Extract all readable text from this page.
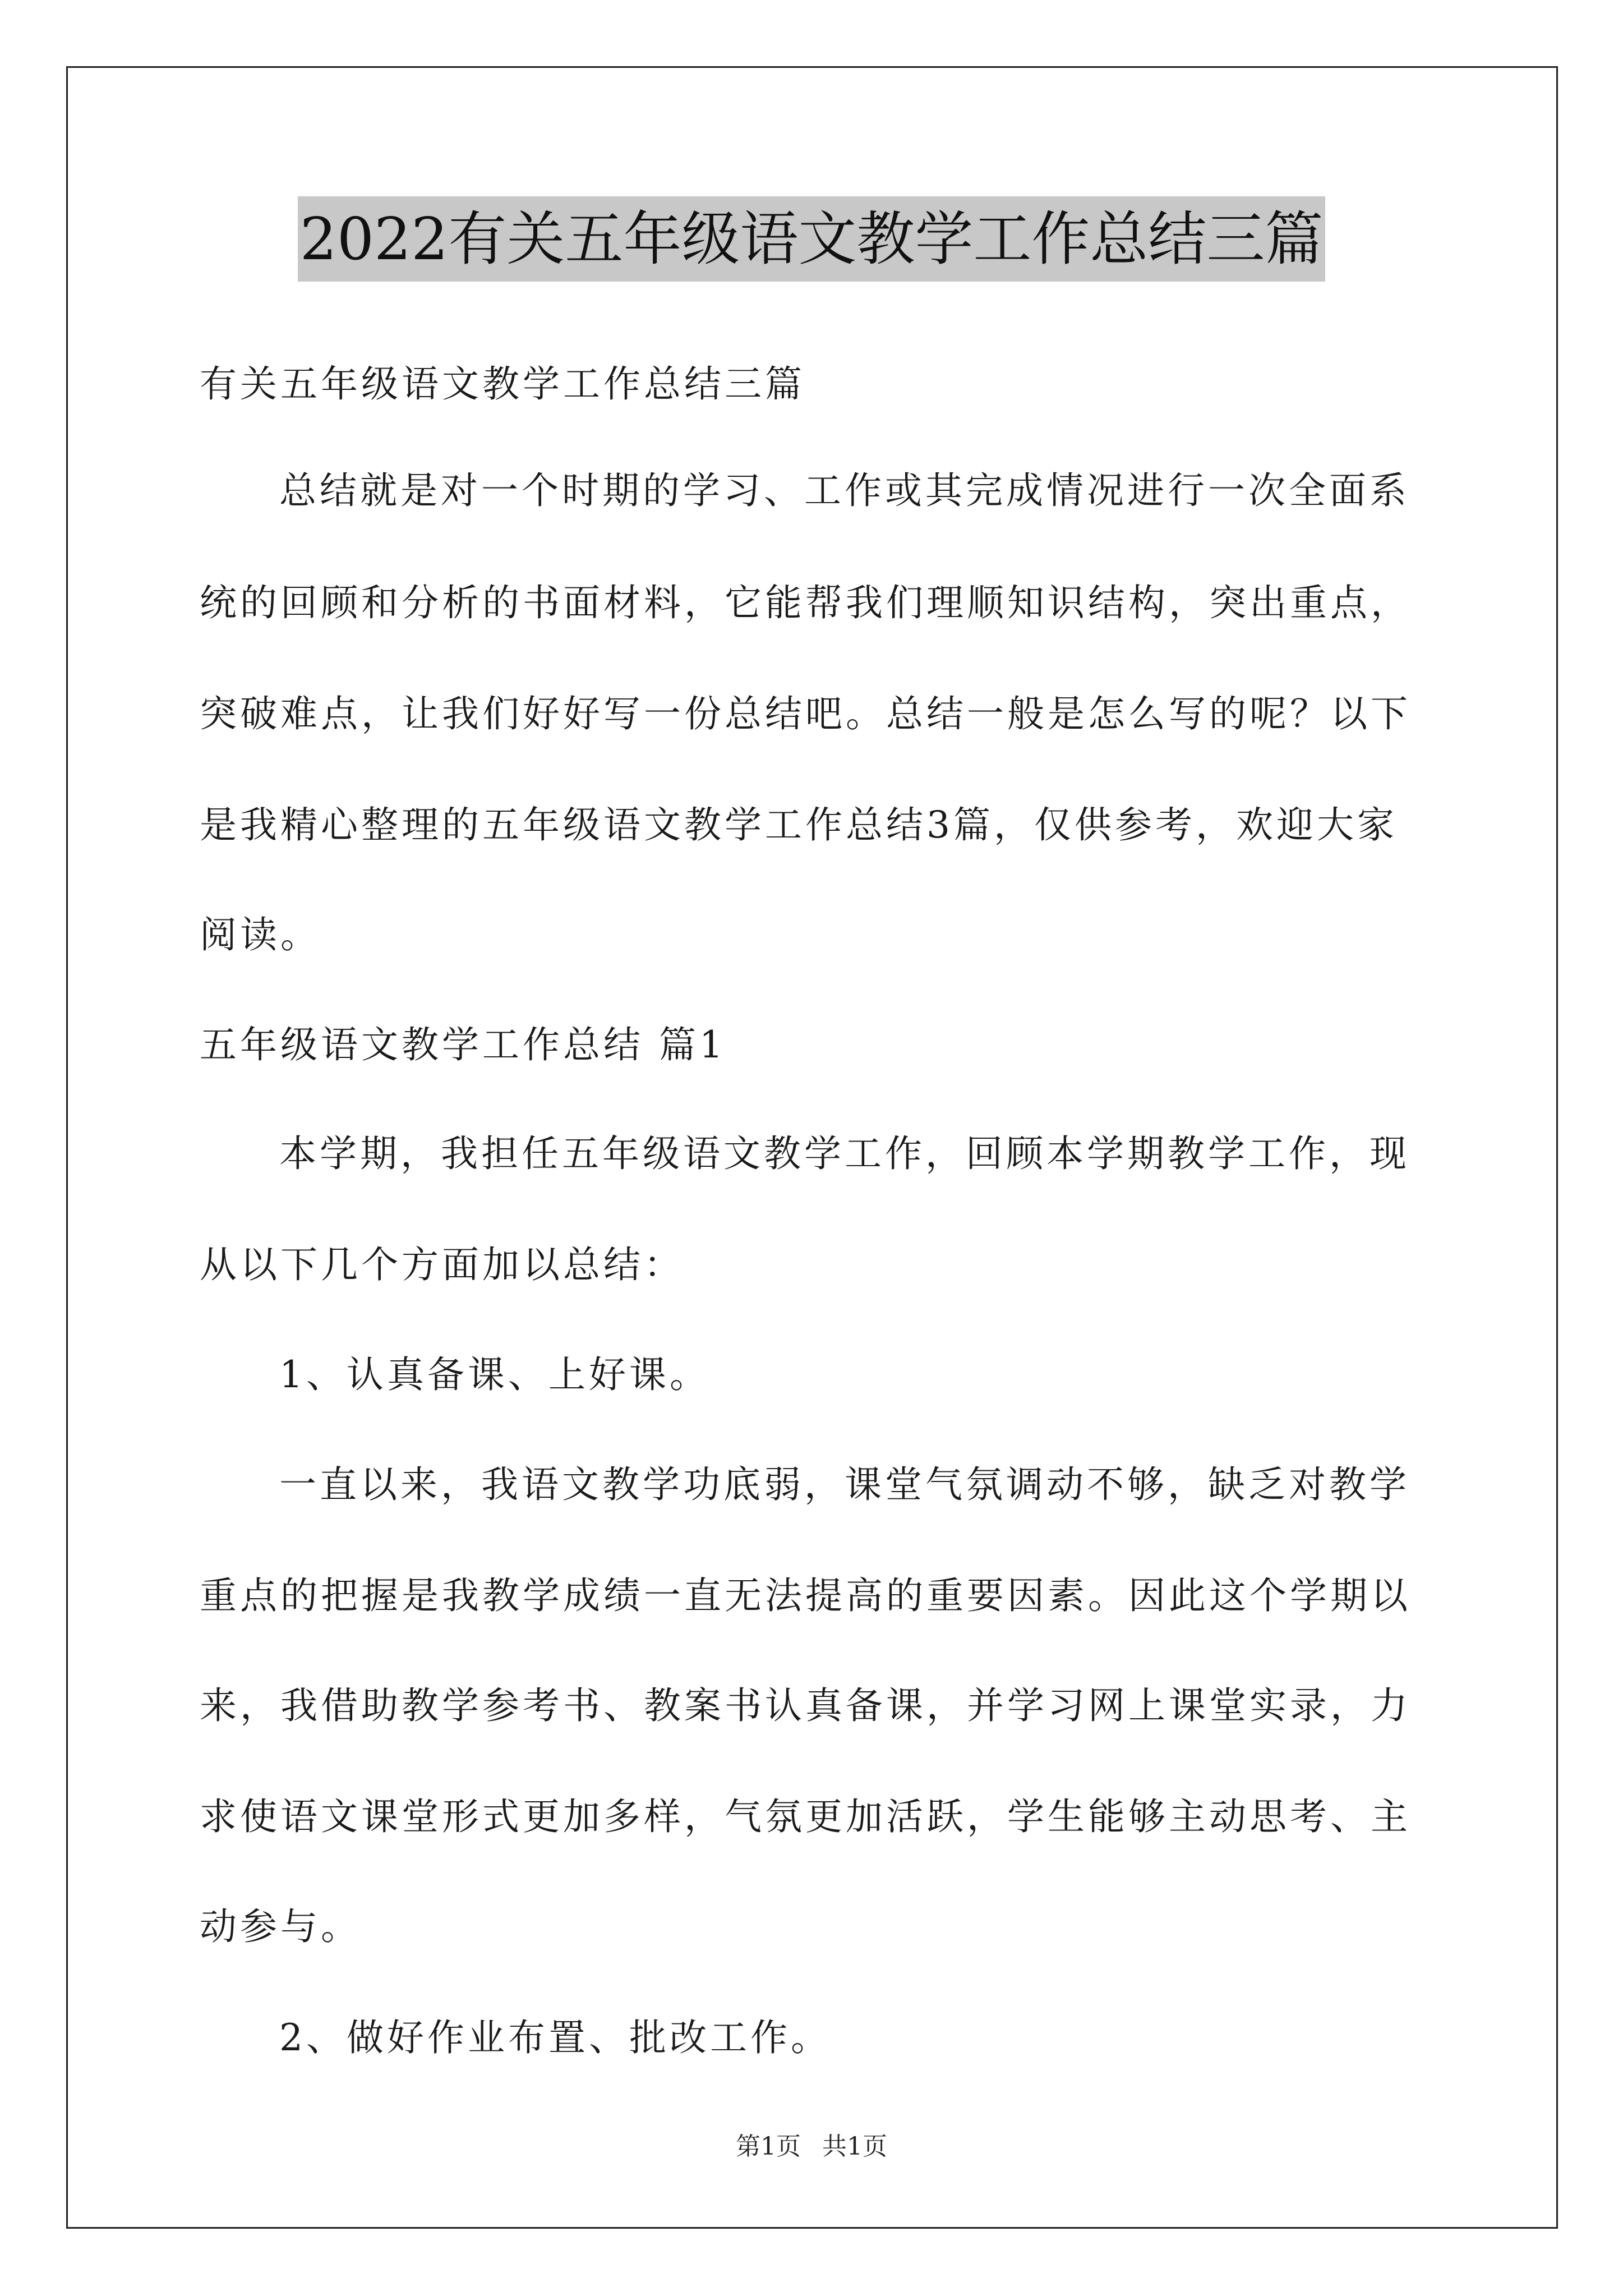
2022有关五年级语文教学工作总结三篇
有关五年级语文教学工作总结三篇
总结就是对一个时期的学习、工作或其完成情况进行一次全面系
统的回顾和分析的书面材料，它能帮我们理顺知识结构，突出重点，
突破难点，让我们好好写一份总结吧。总结一般是怎么写的呢？以下
是我精心整理的五年级语文教学工作总结3篇，仅供参考，欢迎大家
阅读。
五年级语文教学工作总结 篇1
本学期，我担任五年级语文教学工作，回顾本学期教学工作，现
从以下几个方面加以总结：
1、认真备课、上好课。
一直以来，我语文教学功底弱，课堂气氛调动不够，缺乏对教学
重点的把握是我教学成绩一直无法提高的重要因素。因此这个学期以
来，我借助教学参考书、教案书认真备课，并学习网上课堂实录，力
求使语文课堂形式更加多样，气氛更加活跃，学生能够主动思考、主
动参与。
2、做好作业布置、批改工作。
第1页 共1页
